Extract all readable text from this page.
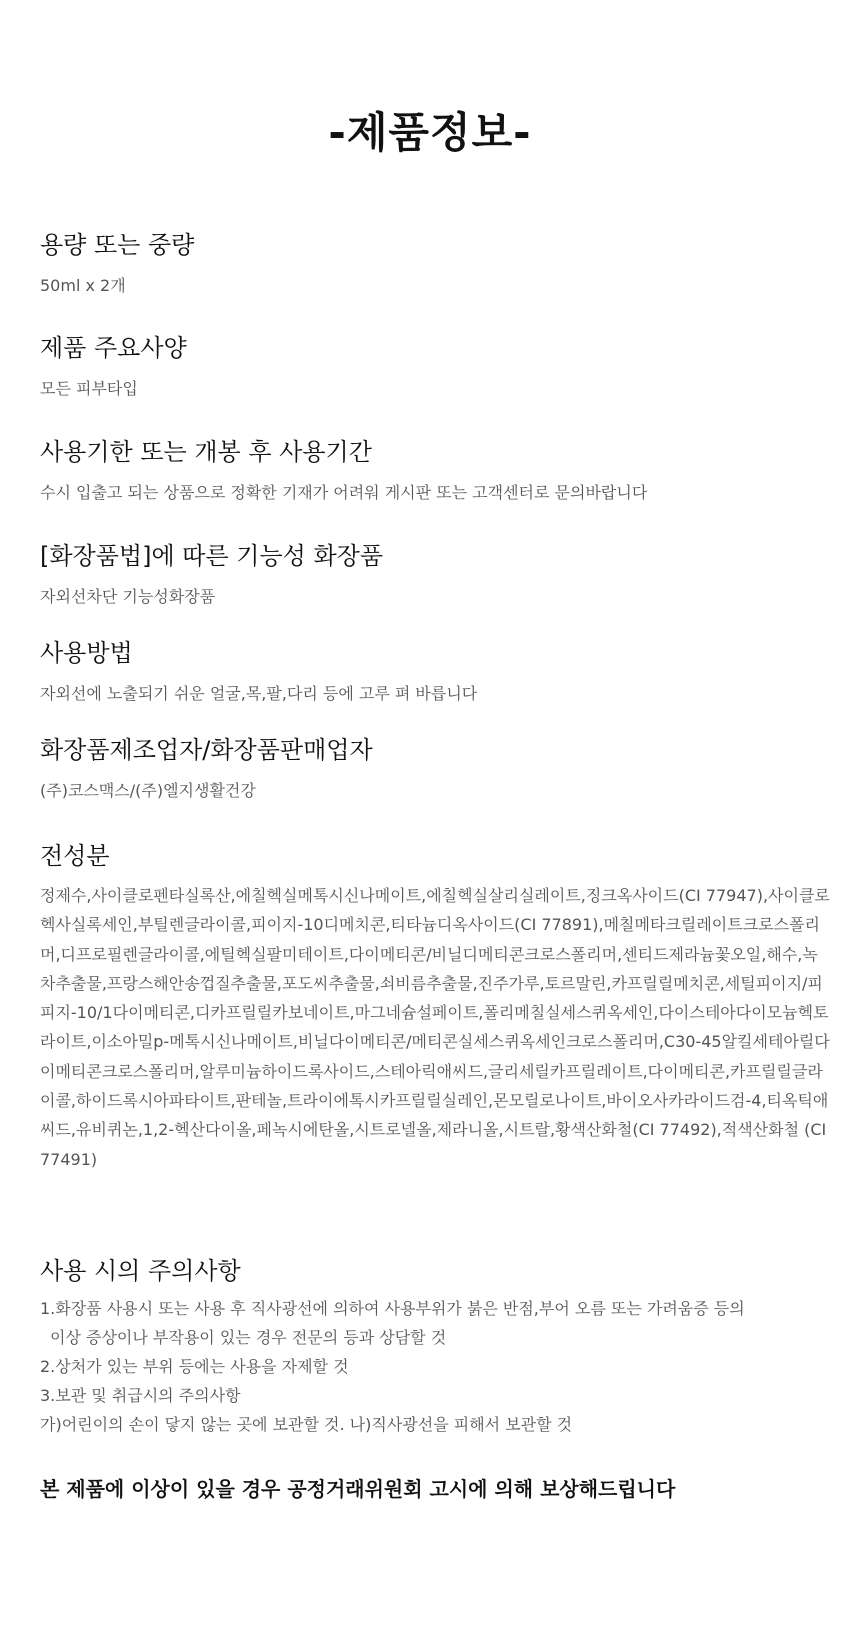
-제품정보-
용량 또는 중량

50ml x 2개

제품 주요사양

모든 피부타입

사용기한 또는 개봉 후 사용기간

수시 입출고 되는 상품으로 정확한 기재가 어려워 게시판 또는 고객센터로 문의바랍니다

[화장품법]에 따른 기능성 화장품

자외선차단 기능성화장품

사용방법

자외선에 노출되기 쉬운 얼굴,목,팔,다리 등에 고루 펴 바릅니다

화장품제조업자/화장품판매업자

(주)코스맥스/(주)엘지생활건강

전성분

정제수,사이클로펜타실록산,에칠헥실메톡시신나메이트,에칠헥실살리실레이트,징크옥사이드(CI 77947),사이클로헥사실록세인,부틸렌글라이콜,피이지-10디메치콘,티타늄디옥사이드(CI 77891),메칠메타크릴레이트크로스폴리머,디프로필렌글라이콜,에틸헥실팔미테이트,다이메티콘/비닐디메티콘크로스폴리머,센티드제라늄꽃오일,해수,녹차추출물,프랑스해안송껍질추출물,포도씨추출물,쇠비름추출물,진주가루,토르말린,카프릴릴메치콘,세틸피이지/피피지-10/1다이메티콘,디카프릴릴카보네이트,마그네슘설페이트,폴리메칠실세스퀴옥세인,다이스테아다이모늄헥토라이트,이소아밀p-메톡시신나메이트,비닐다이메티콘/메티콘실세스퀴옥세인크로스폴리머,C30-45알킬세테아릴다이메티콘크로스폴리머,알루미늄하이드록사이드,스테아릭애씨드,글리세릴카프릴레이트,다이메티콘,카프릴릴글라이콜,하이드록시아파타이트,판테놀,트라이에톡시카프릴릴실레인,몬모릴로나이트,바이오사카라이드검-4,티옥틱애씨드,유비퀴논,1,2-헥산다이올,페녹시에탄올,시트로넬올,제라니올,시트랄,황색산화철(CI 77492),적색산화철 (CI 77491)

사용 시의 주의사항
1.화장품 사용시 또는 사용 후 직사광선에 의하여 사용부위가 붉은 반점,부어 오름 또는 가려움증 등의
이상 증상이나 부작용이 있는 경우 전문의 등과 상담할 것
2.상처가 있는 부위 등에는 사용을 자제할 것
3.보관 및 취급시의 주의사항
가)어린이의 손이 닿지 않는 곳에 보관할 것. 나)직사광선을 피해서 보관할 것

본 제품에 이상이 있을 경우 공정거래위원회 고시에 의해 보상해드립니다
